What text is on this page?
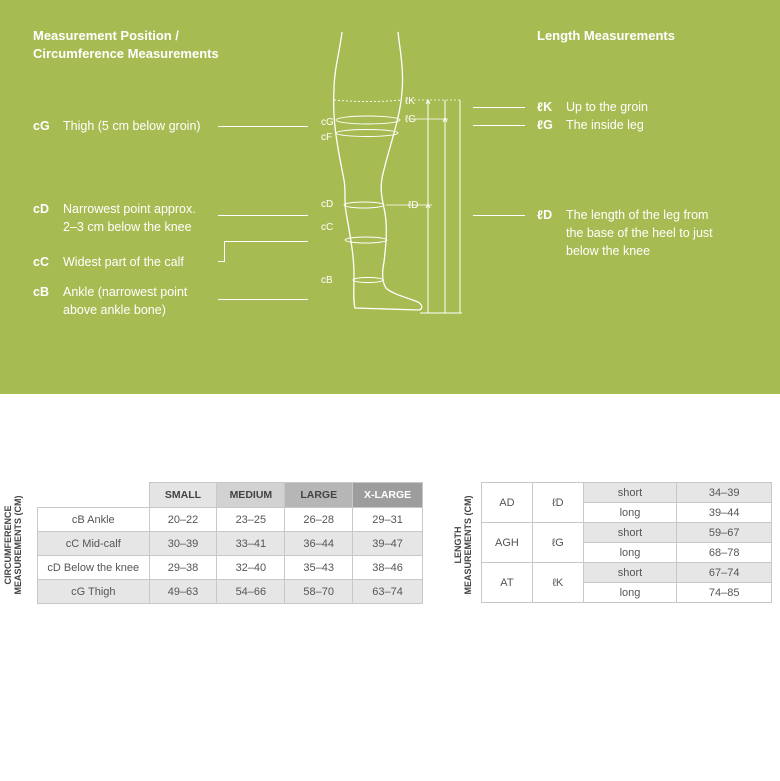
Measurement Position /
Circumference Measurements
Length Measurements
cG Thigh (5 cm below groin)
cD Narrowest point approx.
2–3 cm below the knee
cC Widest part of the calf
cB Ankle (narrowest point
above ankle bone)
ℓK Up to the groin
ℓG The inside leg
ℓD The length of the leg from
the base of the heel to just
below the knee
ℓK
ℓG
ℓD
cG
cF
cD
cC
cB
CIRCUMFERENCE MEASUREMENTS (CM)
	SMALL	MEDIUM	LARGE	X-LARGE
cB Ankle	20–22	23–25	26–28	29–31
cC Mid-calf	30–39	33–41	36–44	39–47
cD Below the knee	29–38	32–40	35–43	38–46
cG Thigh	49–63	54–66	58–70	63–74
LENGTH MEASUREMENTS (CM) AD	ℓD	short	34–39
		long	39–44
AGH	ℓG	short	59–67
		long	68–78
AT	ℓK	short	67–74
		long	74–85
